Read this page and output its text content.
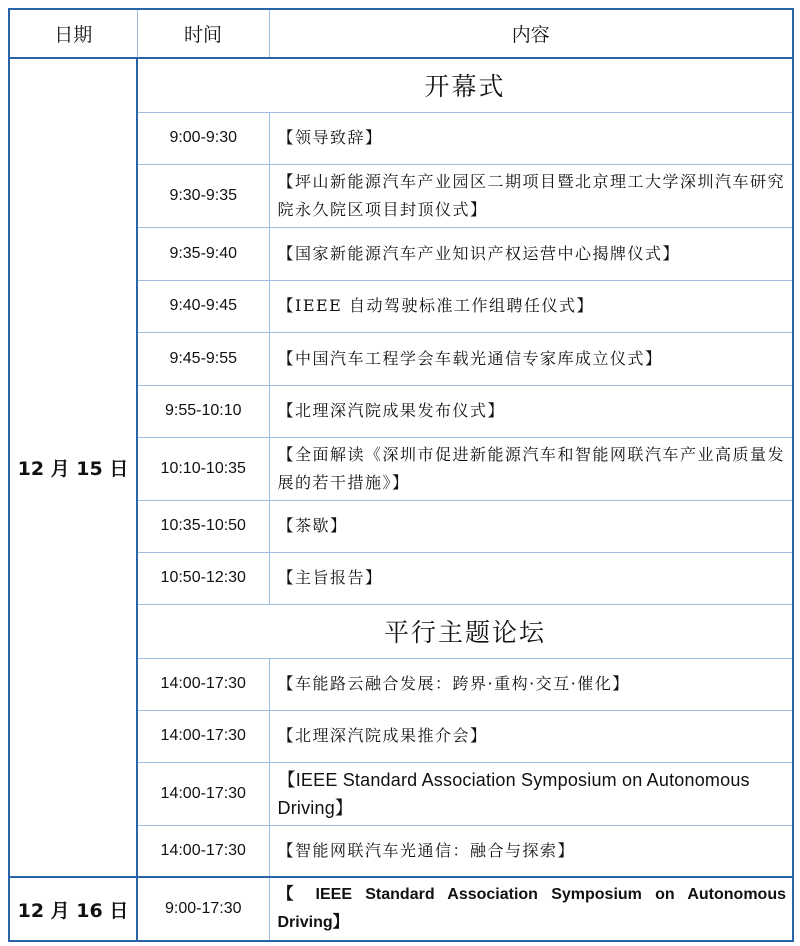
日期	时间	内容
12 月 15 日	开幕式	
	9:00-9:30	【领导致辞】
	9:30-9:35	【坪山新能源汽车产业园区二期项目暨北京理工大学深圳汽车研究院永久院区项目封顶仪式】
	9:35-9:40	【国家新能源汽车产业知识产权运营中心揭牌仪式】
	9:40-9:45	【IEEE 自动驾驶标准工作组聘任仪式】
	9:45-9:55	【中国汽车工程学会车载光通信专家库成立仪式】
	9:55-10:10	【北理深汽院成果发布仪式】
	10:10-10:35	【全面解读《深圳市促进新能源汽车和智能网联汽车产业高质量发展的若干措施》】
	10:35-10:50	【茶歇】
	10:50-12:30	【主旨报告】
	平行主题论坛	
	14:00-17:30	【车能路云融合发展：跨界·重构·交互·催化】
	14:00-17:30	【北理深汽院成果推介会】
	14:00-17:30	【IEEE Standard Association Symposium on Autonomous Driving】
	14:00-17:30	【智能网联汽车光通信：融合与探索】
12 月 16 日	9:00-17:30	【 IEEE Standard Association Symposium on Autonomous Driving】
